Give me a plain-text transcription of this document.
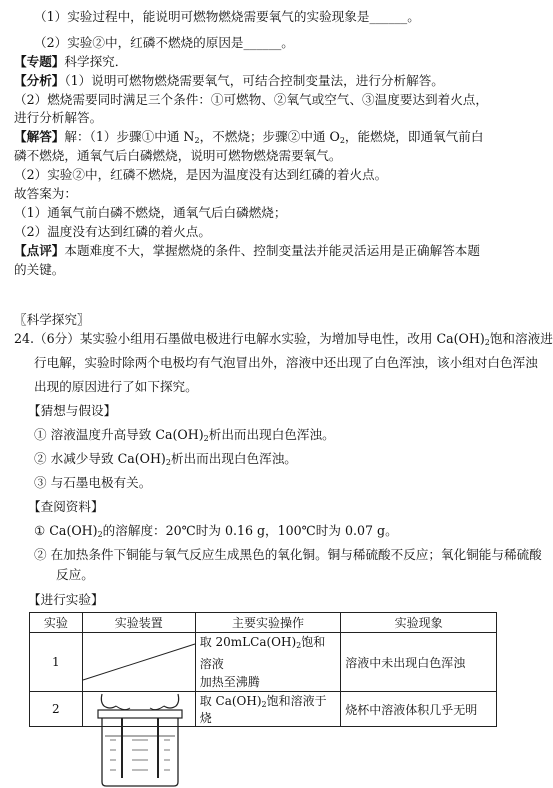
（1）实验过程中，能说明可燃物燃烧需要氧气的实验现象是______。
（2）实验②中，红磷不燃烧的原因是______。
【专题】科学探究．
【分析】（1）说明可燃物燃烧需要氧气，可结合控制变量法，进行分析解答。
（2）燃烧需要同时满足三个条件：①可燃物、②氧气或空气、③温度要达到着火点，
进行分析解答。
【解答】解：（1）步骤①中通 $N_2$，不燃烧；步骤②中通 $O_2$，能燃烧，即通氧气前白
磷不燃烧，通氧气后白磷燃烧，说明可燃物燃烧需要氧气。
（2）实验②中，红磷不燃烧，是因为温度没有达到红磷的着火点。
故答案为：
（1）通氧气前白磷不燃烧，通氧气后白磷燃烧；
（2）温度没有达到红磷的着火点。
【点评】本题难度不大，掌握燃烧的条件、控制变量法并能灵活运用是正确解答本题
的关键。
〖科学探究〗
24.（6分）某实验小组用石墨做电极进行电解水实验，为增加导电性，改用 $Ca(OH)_2$饱和溶液进
行电解，实验时除两个电极均有气泡冒出外，溶液中还出现了白色浑浊，该小组对白色浑浊
出现的原因进行了如下探究。
【猜想与假设】
① 溶液温度升高导致 $Ca(OH)_2$析出而出现白色浑浊。
② 水减少导致 $Ca(OH)_2$析出而出现白色浑浊。
③ 与石墨电极有关。
【查阅资料】
① $Ca(OH)_2$的溶解度：20℃时为 0.16 g，100℃时为 0.07 g。
② 在加热条件下铜能与氧气反应生成黑色的氧化铜。铜与稀硫酸不反应；氧化铜能与稀硫酸
反应。
【进行实验】
实验	实验装置	主要实验操作	实验现象
1		取 $20mLCa(OH)_2$饱和溶液
加热至沸腾	溶液中未出现白色浑浊
2		取 $Ca(OH)_2$饱和溶液于烧	烧杯中溶液体积几乎无明
